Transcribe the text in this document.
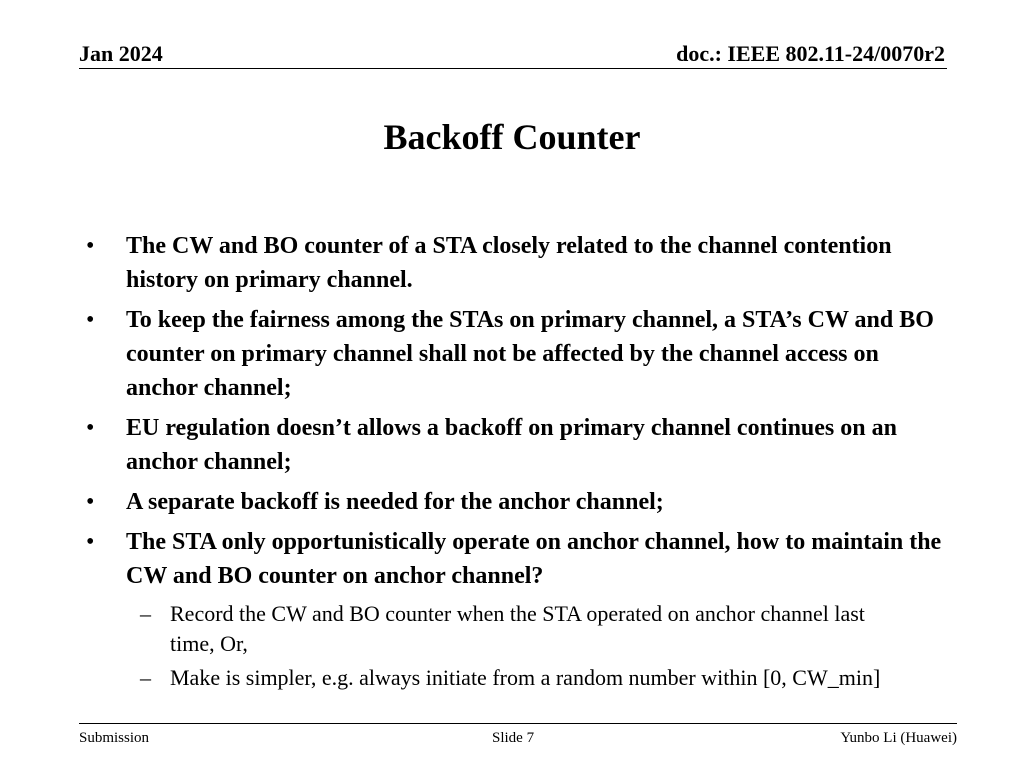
Jan 2024	doc.: IEEE 802.11-24/0070r2
Backoff Counter
• The CW and BO counter of a STA closely related to the channel contention history on primary channel.
• To keep the fairness among the STAs on primary channel, a STA’s CW and BO counter on primary channel shall not be affected by the channel access on anchor channel;
• EU regulation doesn’t allows a backoff on primary channel continues on an anchor channel;
• A separate backoff is needed for the anchor channel;
• The STA only opportunistically operate on anchor channel, how to maintain the CW and BO counter on anchor channel?
– Record the CW and BO counter when the STA operated on anchor channel last time, Or,
– Make is simpler, e.g. always initiate from a random number within [0, CW_min]
Submission	Slide 7	Yunbo Li (Huawei)
